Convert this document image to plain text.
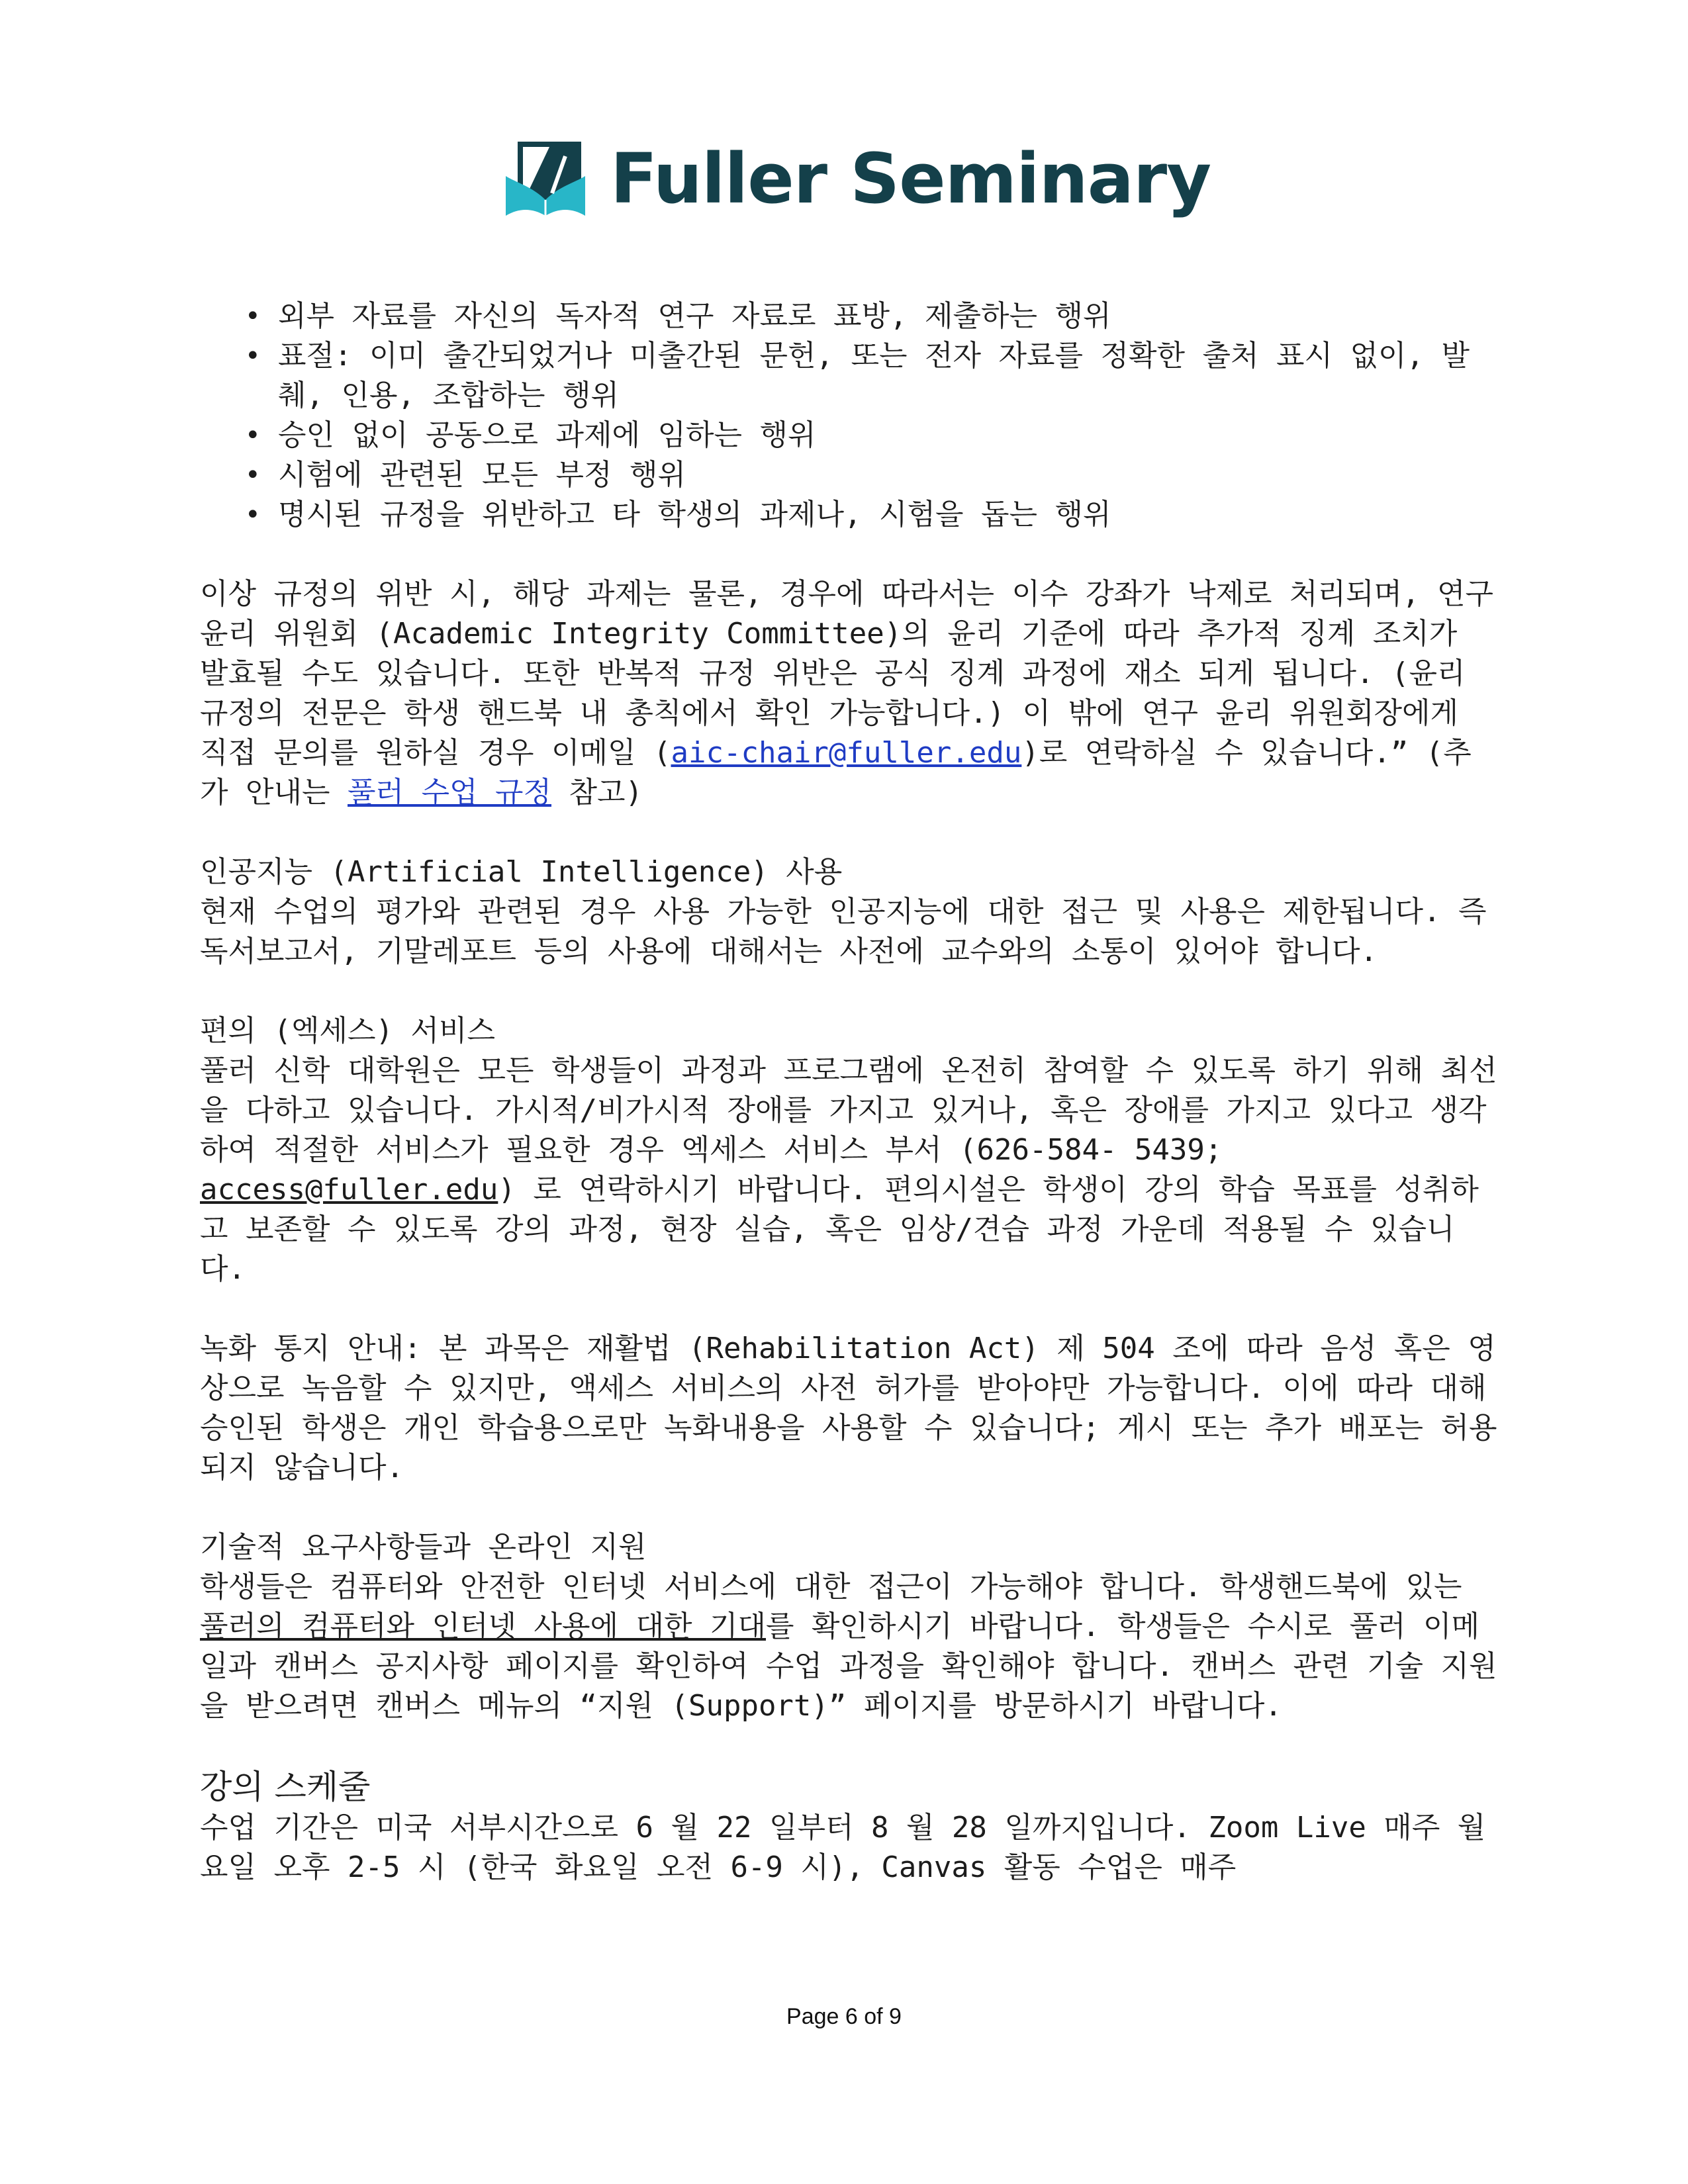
Fuller Seminary
• 외부 자료를 자신의 독자적 연구 자료로 표방, 제출하는 행위
• 표절: 이미 출간되었거나 미출간된 문헌, 또는 전자 자료를 정확한 출처 표시 없이, 발췌, 인용, 조합하는 행위
• 승인 없이 공동으로 과제에 임하는 행위
• 시험에 관련된 모든 부정 행위
• 명시된 규정을 위반하고 타 학생의 과제나, 시험을 돕는 행위

이상 규정의 위반 시, 해당 과제는 물론, 경우에 따라서는 이수 강좌가 낙제로 처리되며, 연구 윤리 위원회 (Academic Integrity Committee)의 윤리 기준에 따라 추가적 징계 조치가 발효될 수도 있습니다. 또한 반복적 규정 위반은 공식 징계 과정에 재소 되게 됩니다. (윤리 규정의 전문은 학생 핸드북 내 총칙에서 확인 가능합니다.) 이 밖에 연구 윤리 위원회장에게 직접 문의를 원하실 경우 이메일 (aic-chair@fuller.edu)로 연락하실 수 있습니다.” (추가 안내는 풀러 수업 규정 참고)

인공지능 (Artificial Intelligence) 사용

현재 수업의 평가와 관련된 경우 사용 가능한 인공지능에 대한 접근 및 사용은 제한됩니다. 즉 독서보고서, 기말레포트 등의 사용에 대해서는 사전에 교수와의 소통이 있어야 합니다.

편의 (엑세스) 서비스

풀러 신학 대학원은 모든 학생들이 과정과 프로그램에 온전히 참여할 수 있도록 하기 위해 최선을 다하고 있습니다. 가시적/비가시적 장애를 가지고 있거나, 혹은 장애를 가지고 있다고 생각하여 적절한 서비스가 필요한 경우 엑세스 서비스 부서 (626-584- 5439; access@fuller.edu) 로 연락하시기 바랍니다. 편의시설은 학생이 강의 학습 목표를 성취하고 보존할 수 있도록 강의 과정, 현장 실습, 혹은 임상/견습 과정 가운데 적용될 수 있습니다.

녹화 통지 안내: 본 과목은 재활법 (Rehabilitation Act) 제 504 조에 따라 음성 혹은 영상으로 녹음할 수 있지만, 액세스 서비스의 사전 허가를 받아야만 가능합니다. 이에 따라 대해 승인된 학생은 개인 학습용으로만 녹화내용을 사용할 수 있습니다; 게시 또는 추가 배포는 허용되지 않습니다.

기술적 요구사항들과 온라인 지원

학생들은 컴퓨터와 안전한 인터넷 서비스에 대한 접근이 가능해야 합니다. 학생핸드북에 있는 풀러의 컴퓨터와 인터넷 사용에 대한 기대를 확인하시기 바랍니다. 학생들은 수시로 풀러 이메일과 캔버스 공지사항 페이지를 확인하여 수업 과정을 확인해야 합니다. 캔버스 관련 기술 지원을 받으려면 캔버스 메뉴의 “지원 (Support)” 페이지를 방문하시기 바랍니다.

강의 스케줄

수업 기간은 미국 서부시간으로 6 월 22 일부터 8 월 28 일까지입니다. Zoom Live 매주 월요일 오후 2-5 시 (한국 화요일 오전 6-9 시), Canvas 활동 수업은 매주

Page 6 of 9
